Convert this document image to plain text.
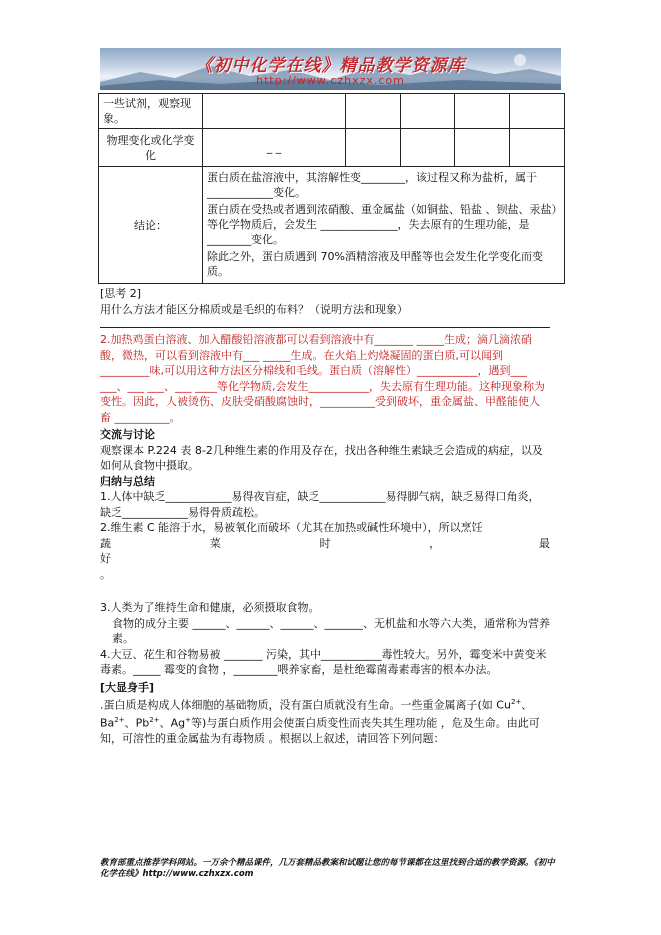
《初中化学在线》精品教学资源库
http://www.czhxzx.com
一些试剂，观察现象。					
物理变化或化学变化	_ _				
结论：	蛋白质在盐溶液中，其溶解性变________，该过程又称为盐析，属于____________变化。

蛋白质在受热或者遇到浓硝酸、重金属盐（如铜盐、铅盐 、钡盐、汞盐）等化学物质后，会发生 ______________，失去原有的生理功能，是 ________变化。

除此之外，蛋白质遇到 70%酒精溶液及甲醛等也会发生化学变化而变质。				

[思考 2]

用什么方法才能区分棉质或是毛织的布料？（说明方法和现象）

2.加热鸡蛋白溶液、加入醋酸铅溶液都可以看到溶液中有_______ _____生成；滴几滴浓硝酸，微热，可以看到溶液中有___ _____生成。在火焰上灼烧凝固的蛋白质,可以闻到_________味,可以用这种方法区分棉线和毛线。蛋白质（溶解性）___________，遇到___ ___、___ ___、___ ____等化学物质,会发生___________，失去原有生理功能。这种现象称为变性。因此，人被烫伤、皮肤受硝酸腐蚀时，__________受到破坏，重金属盐、甲醛能使人畜 __________。

交流与讨论

观察课本 P.224 表 8-2几种维生素的作用及存在，找出各种维生素缺乏会造成的病症，以及如何从食物中摄取。

归纳与总结

1.人体中缺乏____________易得夜盲症，缺乏____________易得脚气病，缺乏易得口角炎，缺乏____________易得骨质疏松。

2.维生素 C 能溶于水，易被氧化而破坏（尤其在加热或碱性环境中），所以烹饪

蔬 菜 时 ， 最

好

。

3.人类为了维持生命和健康，必须摄取食物。

食物的成分主要 ______、______、______、_______、无机盐和水等六大类，通常称为营养素。

4.大豆、花生和谷物易被 _______ 污染，其中___________毒性较大。另外，霉变米中黄变米毒素。_____ 霉变的食物 ，________喂养家畜，是杜绝霉菌毒素毒害的根本办法。

[大显身手]

.蛋白质是构成人体细胞的基础物质，没有蛋白质就没有生命。一些重金属离子(如 $Cu^{2+}$、$Ba^{2+}$、$Pb^{2+}$、Ag+等)与蛋白质作用会使蛋白质变性而丧失其生理功能 ，危及生命。由此可知，可溶性的重金属盐为有毒物质 。根据以上叙述，请回答下列问题：

教育部重点推荐学科网站。一万余个精品课件，几万套精品教案和试题让您的每节课都在这里找到合适的教学资源。《初中化学在线》http://www.czhxzx.com
